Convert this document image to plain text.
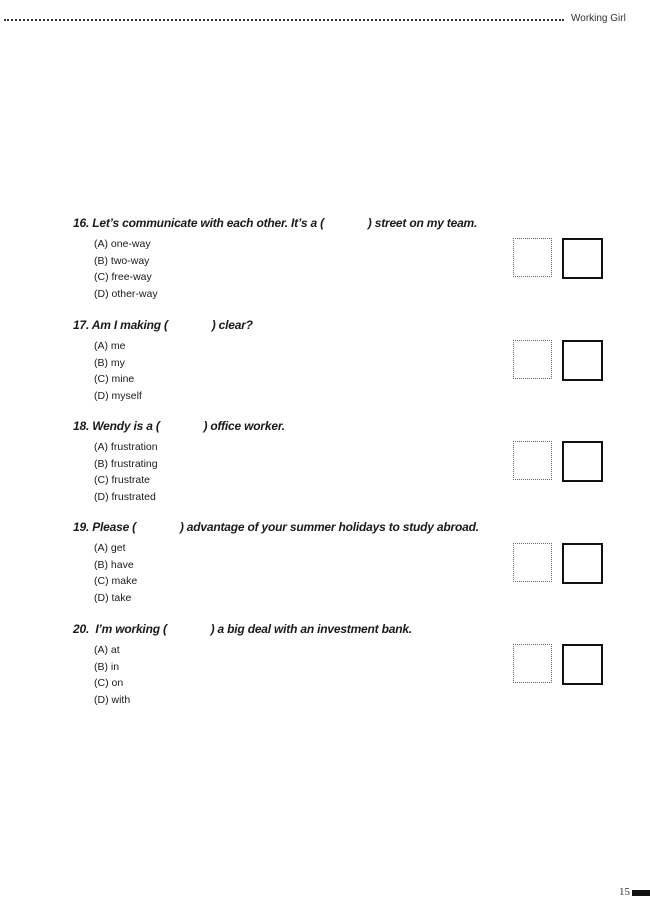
Working Girl
16. Let’s communicate with each other. It’s a (              ) street on my team.
(A) one-way
(B) two-way
(C) free-way
(D) other-way
17. Am I making (              ) clear?
(A) me
(B) my
(C) mine
(D) myself
18. Wendy is a (              ) office worker.
(A) frustration
(B) frustrating
(C) frustrate
(D) frustrated
19. Please (              ) advantage of your summer holidays to study abroad.
(A) get
(B) have
(C) make
(D) take
20.  I’m working (              ) a big deal with an investment bank.
(A) at
(B) in
(C) on
(D) with
15
